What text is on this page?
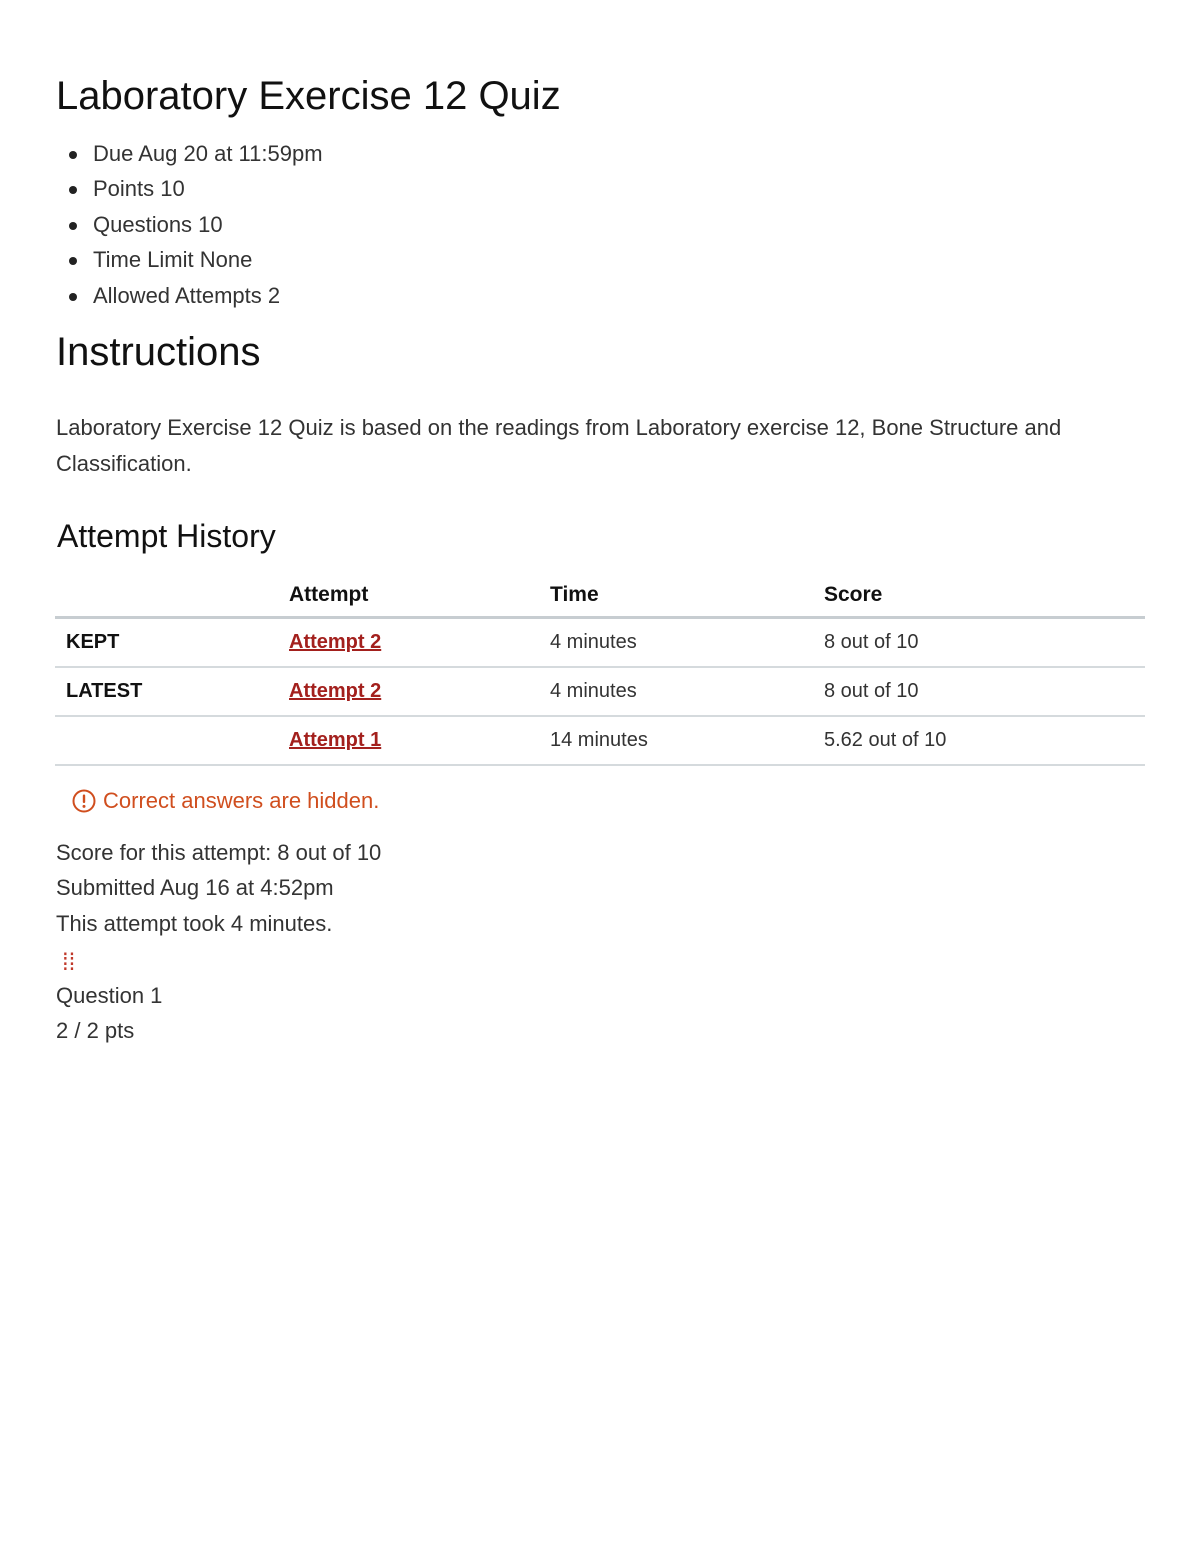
Laboratory Exercise 12 Quiz
Due Aug 20 at 11:59pm
Points 10
Questions 10
Time Limit None
Allowed Attempts 2
Instructions

Laboratory Exercise 12 Quiz is based on the readings from Laboratory exercise 12, Bone Structure and Classification.

Attempt History
	Attempt	Time	Score
KEPT	Attempt 2	4 minutes	8 out of 10
LATEST	Attempt 2	4 minutes	8 out of 10
	Attempt 1	14 minutes	5.62 out of 10
Correct answers are hidden.
Score for this attempt: 8 out of 10
Submitted Aug 16 at 4:52pm
This attempt took 4 minutes.
⁞⁞
Question 1
2 / 2 pts
